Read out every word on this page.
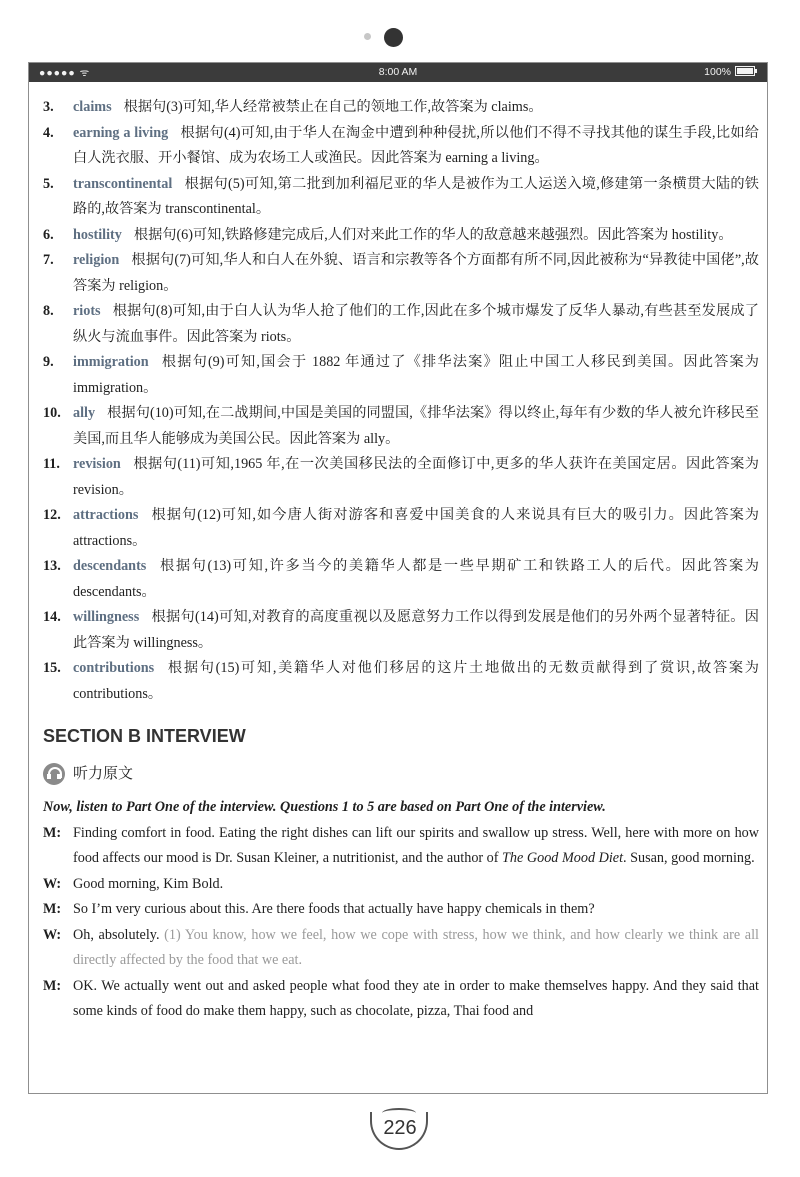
●●●●● ᯤ	8:00 AM	100%
3.	claims 根据句(3)可知,华人经常被禁止在自己的领地工作,故答案为 claims。
4.	earning a living 根据句(4)可知,由于华人在淘金中遭到种种侵扰,所以他们不得不寻找其他的谋生手段,比如给白人洗衣服、开小餐馆、成为农场工人或渔民。因此答案为 earning a living。
5.	transcontinental 根据句(5)可知,第二批到加利福尼亚的华人是被作为工人运送入境,修建第一条横贯大陆的铁路的,故答案为 transcontinental。
6.	hostility 根据句(6)可知,铁路修建完成后,人们对来此工作的华人的敌意越来越强烈。因此答案为 hostility。
7.	religion 根据句(7)可知,华人和白人在外貌、语言和宗教等各个方面都有所不同,因此被称为“异教徒中国佬”,故答案为 religion。
8.	riots 根据句(8)可知,由于白人认为华人抢了他们的工作,因此在多个城市爆发了反华人暴动,有些甚至发展成了纵火与流血事件。因此答案为 riots。
9.	immigration 根据句(9)可知,国会于 1882 年通过了《排华法案》阻止中国工人移民到美国。因此答案为 immigration。
10. ally 根据句(10)可知,在二战期间,中国是美国的同盟国,《排华法案》得以终止,每年有少数的华人被允许移民至美国,而且华人能够成为美国公民。因此答案为 ally。
11. revision 根据句(11)可知,1965 年,在一次美国移民法的全面修订中,更多的华人获许在美国定居。因此答案为 revision。
12. attractions 根据句(12)可知,如今唐人街对游客和喜爱中国美食的人来说具有巨大的吸引力。因此答案为 attractions。
13. descendants 根据句(13)可知,许多当今的美籍华人都是一些早期矿工和铁路工人的后代。因此答案为 descendants。
14. willingness 根据句(14)可知,对教育的高度重视以及愿意努力工作以得到发展是他们的另外两个显著特征。因此答案为 willingness。
15. contributions 根据句(15)可知,美籍华人对他们移居的这片土地做出的无数贡献得到了赏识,故答案为 contributions。
SECTION B INTERVIEW
听力原文
Now, listen to Part One of the interview. Questions 1 to 5 are based on Part One of the interview.
M: Finding comfort in food. Eating the right dishes can lift our spirits and swallow up stress. Well, here with more on how food affects our mood is Dr. Susan Kleiner, a nutritionist, and the author of The Good Mood Diet. Susan, good morning.
W: Good morning, Kim Bold.
M: So I’m very curious about this. Are there foods that actually have happy chemicals in them?
W: Oh, absolutely. (1) You know, how we feel, how we cope with stress, how we think, and how clearly we think are all directly affected by the food that we eat.
M: OK. We actually went out and asked people what food they ate in order to make themselves happy. And they said that some kinds of food do make them happy, such as chocolate, pizza, Thai food and
226
